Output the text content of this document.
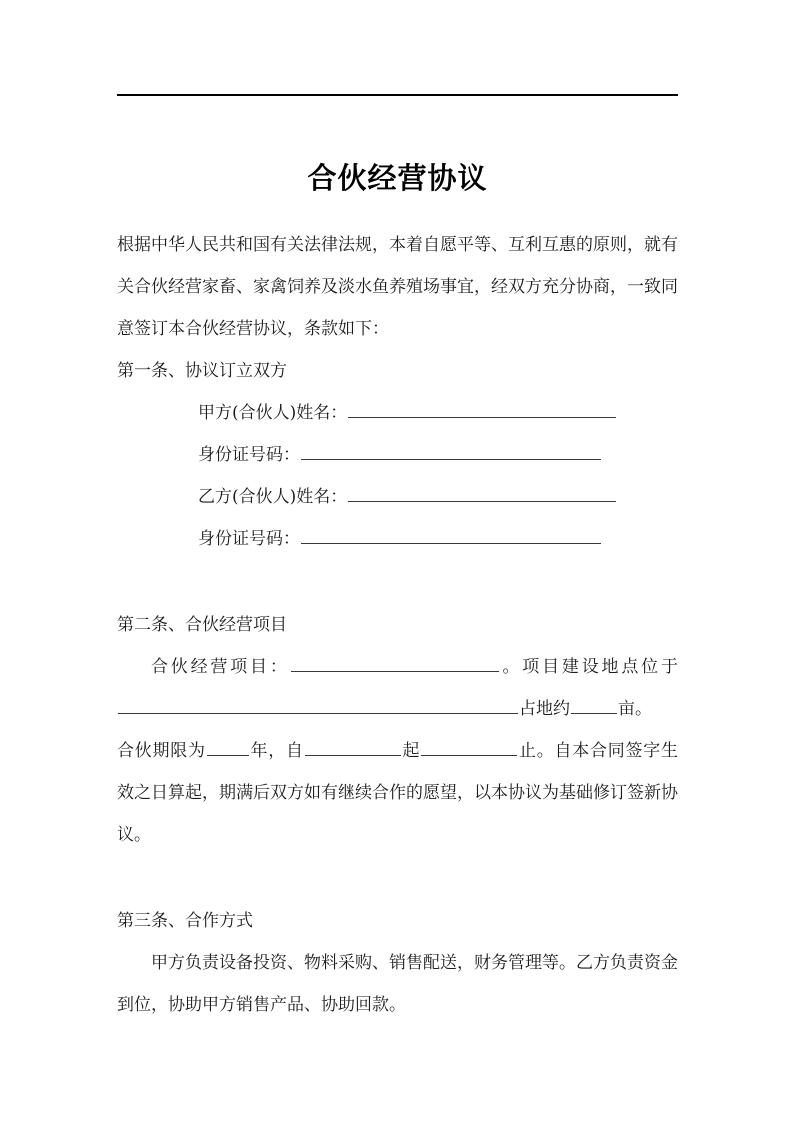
合伙经营协议

根据中华人民共和国有关法律法规，本着自愿平等、互利互惠的原则，就有关合伙经营家畜、家禽饲养及淡水鱼养殖场事宜，经双方充分协商，一致同意签订本合伙经营协议，条款如下：

第一条、协议订立双方

甲方(合伙人)姓名：

身份证号码：

乙方(合伙人)姓名：

身份证号码：

第二条、合伙经营项目

合伙经营项目：	。项目建设地点位于占地约	亩。

合伙期限为	年，自	起	止。自本合同签字生效之日算起，期满后双方如有继续合作的愿望，以本协议为基础修订签新协议。

第三条、合作方式

甲方负责设备投资、物料采购、销售配送，财务管理等。乙方负责资金到位，协助甲方销售产品、协助回款。
